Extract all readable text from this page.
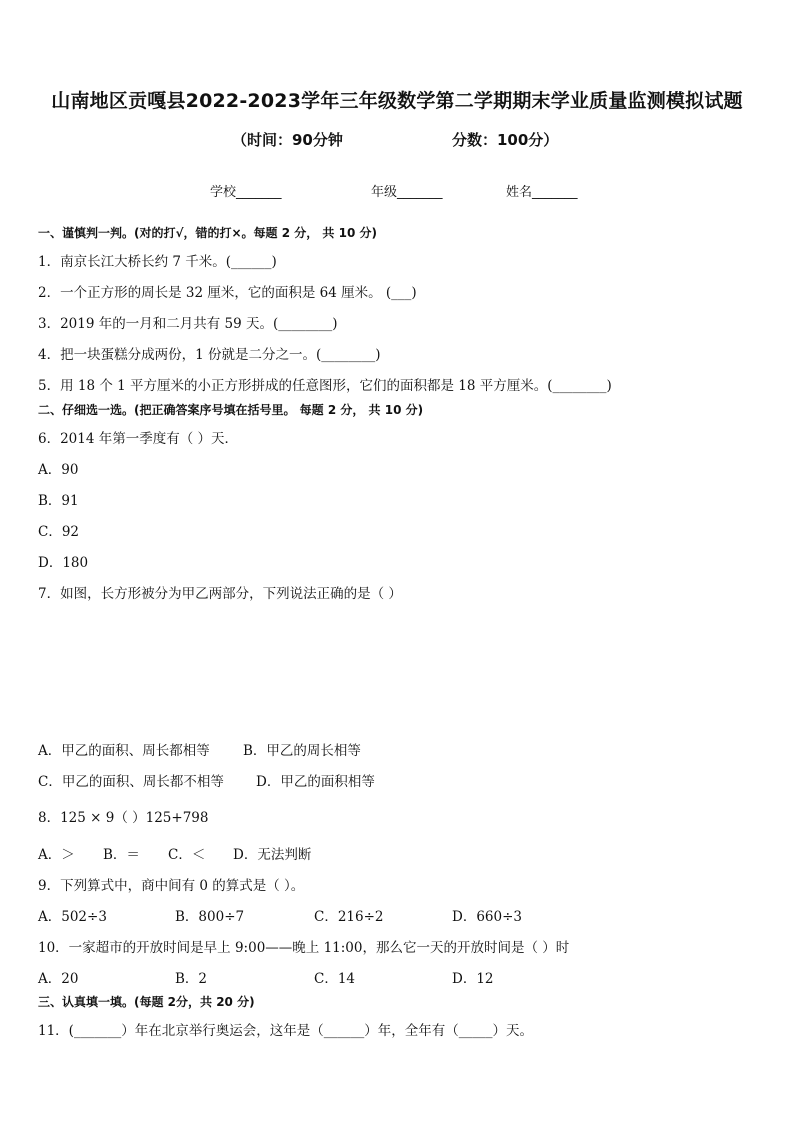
山南地区贡嘎县2022-2023学年三年级数学第二学期期末学业质量监测模拟试题
（时间：90分钟	分数：100分）
学校_______	年级_______	姓名_______
一、谨慎判一判。(对的打√，错的打×。每题 2 分， 共 10 分)
1．南京长江大桥长约 7 千米。(______)
2．一个正方形的周长是 32 厘米，它的面积是 64 厘米。 (___)
3．2019 年的一月和二月共有 59 天。(________)
4．把一块蛋糕分成两份，1 份就是二分之一。(________)
5．用 18 个 1 平方厘米的小正方形拼成的任意图形，它们的面积都是 18 平方厘米。(________)
二、仔细选一选。(把正确答案序号填在括号里。 每题 2 分， 共 10 分)
6．2014 年第一季度有（ ）天．
A．90
B．91
C．92
D．180
7．如图，长方形被分为甲乙两部分，下列说法正确的是（ ）
A．甲乙的面积、周长都相等 B．甲乙的周长相等
C．甲乙的面积、周长都不相等 D．甲乙的面积相等
8．125 × 9（ ）125+798
A．＞ B．＝ C．＜ D．无法判断
9．下列算式中，商中间有 0 的算式是（ ）。
A．502÷3	B．800÷7	C．216÷2	D．660÷3
10．一家超市的开放时间是早上 9:00——晚上 11:00，那么它一天的开放时间是（ ）时
A．20	B．2	C．14	D．12
三、认真填一填。(每题 2分，共 20 分)
11．(_______）年在北京举行奥运会，这年是（______）年，全年有（_____）天。
